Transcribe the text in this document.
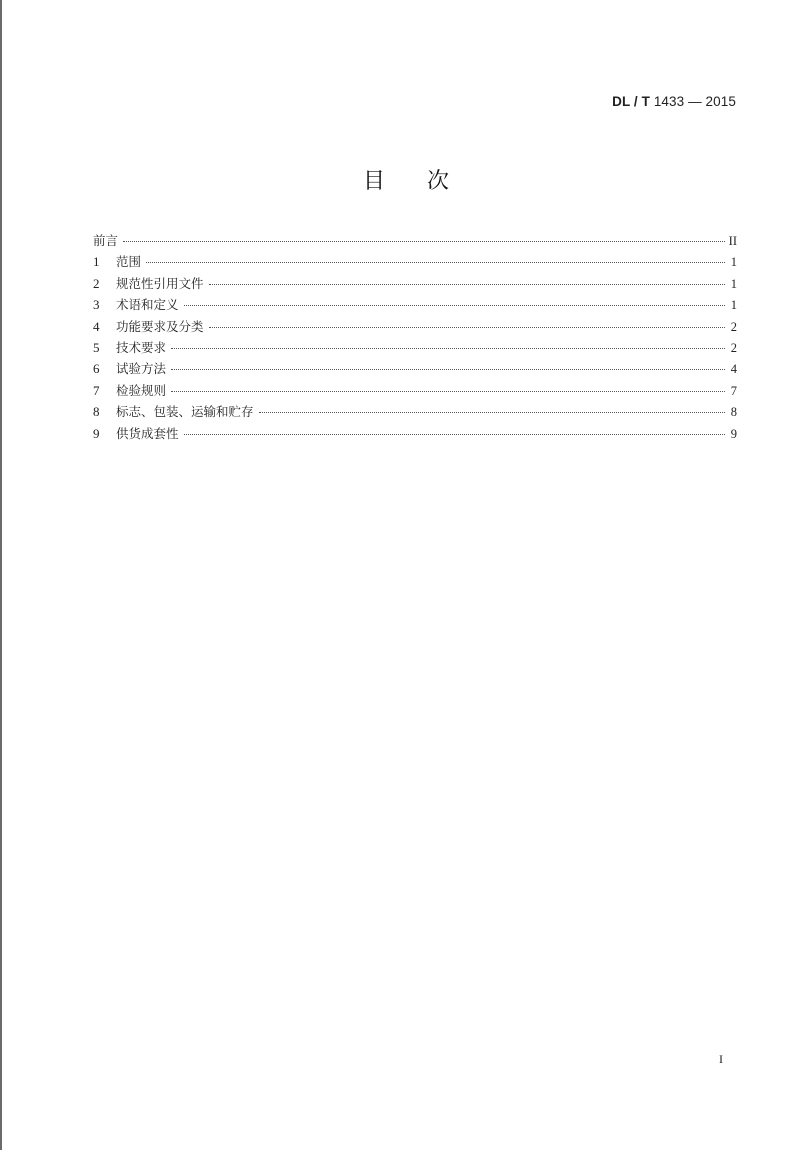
DL / T 1433 — 2015
目次
前言	II
1	范围	1
2	规范性引用文件	1
3	术语和定义	1
4	功能要求及分类	2
5	技术要求	2
6	试验方法	4
7	检验规则	7
8	标志、包装、运输和贮存	8
9	供货成套性	9
I
